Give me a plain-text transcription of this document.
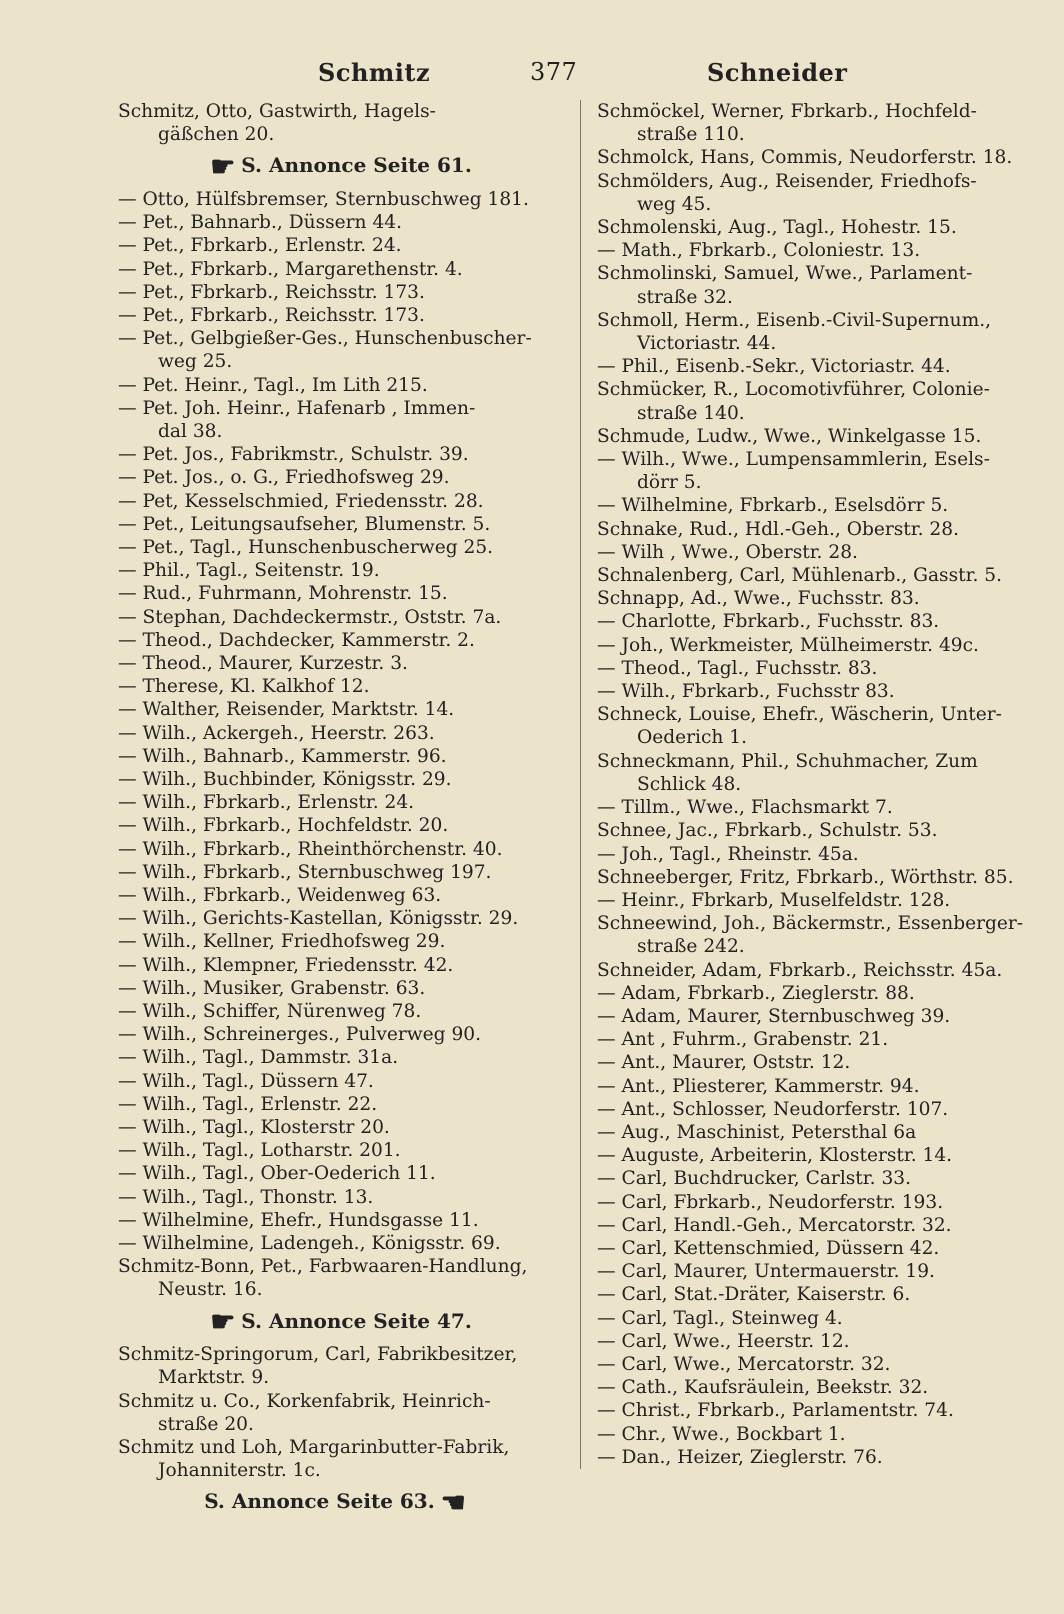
Schmitz	377	Schneider
Schmitz, Otto, Gastwirth, Hagels-
gäßchen 20.
☛ S. Annonce Seite 61.
— Otto, Hülfsbremser, Sternbuschweg 181.
— Pet., Bahnarb., Düssern 44.
— Pet., Fbrkarb., Erlenstr. 24.
— Pet., Fbrkarb., Margarethenstr. 4.
— Pet., Fbrkarb., Reichsstr. 173.
— Pet., Fbrkarb., Reichsstr. 173.
— Pet., Gelbgießer-Ges., Hunschenbuscher-
weg 25.
— Pet. Heinr., Tagl., Im Lith 215.
— Pet. Joh. Heinr., Hafenarb , Immen-
dal 38.
— Pet. Jos., Fabrikmstr., Schulstr. 39.
— Pet. Jos., o. G., Friedhofsweg 29.
— Pet, Kesselschmied, Friedensstr. 28.
— Pet., Leitungsaufseher, Blumenstr. 5.
— Pet., Tagl., Hunschenbuscherweg 25.
— Phil., Tagl., Seitenstr. 19.
— Rud., Fuhrmann, Mohrenstr. 15.
— Stephan, Dachdeckermstr., Oststr. 7a.
— Theod., Dachdecker, Kammerstr. 2.
— Theod., Maurer, Kurzestr. 3.
— Therese, Kl. Kalkhof 12.
— Walther, Reisender, Marktstr. 14.
— Wilh., Ackergeh., Heerstr. 263.
— Wilh., Bahnarb., Kammerstr. 96.
— Wilh., Buchbinder, Königsstr. 29.
— Wilh., Fbrkarb., Erlenstr. 24.
— Wilh., Fbrkarb., Hochfeldstr. 20.
— Wilh., Fbrkarb., Rheinthörchenstr. 40.
— Wilh., Fbrkarb., Sternbuschweg 197.
— Wilh., Fbrkarb., Weidenweg 63.
— Wilh., Gerichts-Kastellan, Königsstr. 29.
— Wilh., Kellner, Friedhofsweg 29.
— Wilh., Klempner, Friedensstr. 42.
— Wilh., Musiker, Grabenstr. 63.
— Wilh., Schiffer, Nürenweg 78.
— Wilh., Schreinerges., Pulverweg 90.
— Wilh., Tagl., Dammstr. 31a.
— Wilh., Tagl., Düssern 47.
— Wilh., Tagl., Erlenstr. 22.
— Wilh., Tagl., Klosterstr 20.
— Wilh., Tagl., Lotharstr. 201.
— Wilh., Tagl., Ober-Oederich 11.
— Wilh., Tagl., Thonstr. 13.
— Wilhelmine, Ehefr., Hundsgasse 11.
— Wilhelmine, Ladengeh., Königsstr. 69.
Schmitz-Bonn, Pet., Farbwaaren-Handlung,
Neustr. 16.
☛ S. Annonce Seite 47.
Schmitz-Springorum, Carl, Fabrikbesitzer,
Marktstr. 9.
Schmitz u. Co., Korkenfabrik, Heinrich-
straße 20.
Schmitz und Loh, Margarinbutter-Fabrik,
Johanniterstr. 1c.
S. Annonce Seite 63. ☚
Schmöckel, Werner, Fbrkarb., Hochfeld-
straße 110.
Schmolck, Hans, Commis, Neudorferstr. 18.
Schmölders, Aug., Reisender, Friedhofs-
weg 45.
Schmolenski, Aug., Tagl., Hohestr. 15.
— Math., Fbrkarb., Coloniestr. 13.
Schmolinski, Samuel, Wwe., Parlament-
straße 32.
Schmoll, Herm., Eisenb.-Civil-Supernum.,
Victoriastr. 44.
— Phil., Eisenb.-Sekr., Victoriastr. 44.
Schmücker, R., Locomotivführer, Colonie-
straße 140.
Schmude, Ludw., Wwe., Winkelgasse 15.
— Wilh., Wwe., Lumpensammlerin, Esels-
dörr 5.
— Wilhelmine, Fbrkarb., Eselsdörr 5.
Schnake, Rud., Hdl.-Geh., Oberstr. 28.
— Wilh , Wwe., Oberstr. 28.
Schnalenberg, Carl, Mühlenarb., Gasstr. 5.
Schnapp, Ad., Wwe., Fuchsstr. 83.
— Charlotte, Fbrkarb., Fuchsstr. 83.
— Joh., Werkmeister, Mülheimerstr. 49c.
— Theod., Tagl., Fuchsstr. 83.
— Wilh., Fbrkarb., Fuchsstr 83.
Schneck, Louise, Ehefr., Wäscherin, Unter-
Oederich 1.
Schneckmann, Phil., Schuhmacher, Zum
Schlick 48.
— Tillm., Wwe., Flachsmarkt 7.
Schnee, Jac., Fbrkarb., Schulstr. 53.
— Joh., Tagl., Rheinstr. 45a.
Schneeberger, Fritz, Fbrkarb., Wörthstr. 85.
— Heinr., Fbrkarb, Muselfeldstr. 128.
Schneewind, Joh., Bäckermstr., Essenberger-
straße 242.
Schneider, Adam, Fbrkarb., Reichsstr. 45a.
— Adam, Fbrkarb., Zieglerstr. 88.
— Adam, Maurer, Sternbuschweg 39.
— Ant , Fuhrm., Grabenstr. 21.
— Ant., Maurer, Oststr. 12.
— Ant., Pliesterer, Kammerstr. 94.
— Ant., Schlosser, Neudorferstr. 107.
— Aug., Maschinist, Petersthal 6a
— Auguste, Arbeiterin, Klosterstr. 14.
— Carl, Buchdrucker, Carlstr. 33.
— Carl, Fbrkarb., Neudorferstr. 193.
— Carl, Handl.-Geh., Mercatorstr. 32.
— Carl, Kettenschmied, Düssern 42.
— Carl, Maurer, Untermauerstr. 19.
— Carl, Stat.-Dräter, Kaiserstr. 6.
— Carl, Tagl., Steinweg 4.
— Carl, Wwe., Heerstr. 12.
— Carl, Wwe., Mercatorstr. 32.
— Cath., Kaufsräulein, Beekstr. 32.
— Christ., Fbrkarb., Parlamentstr. 74.
— Chr., Wwe., Bockbart 1.
— Dan., Heizer, Zieglerstr. 76.
